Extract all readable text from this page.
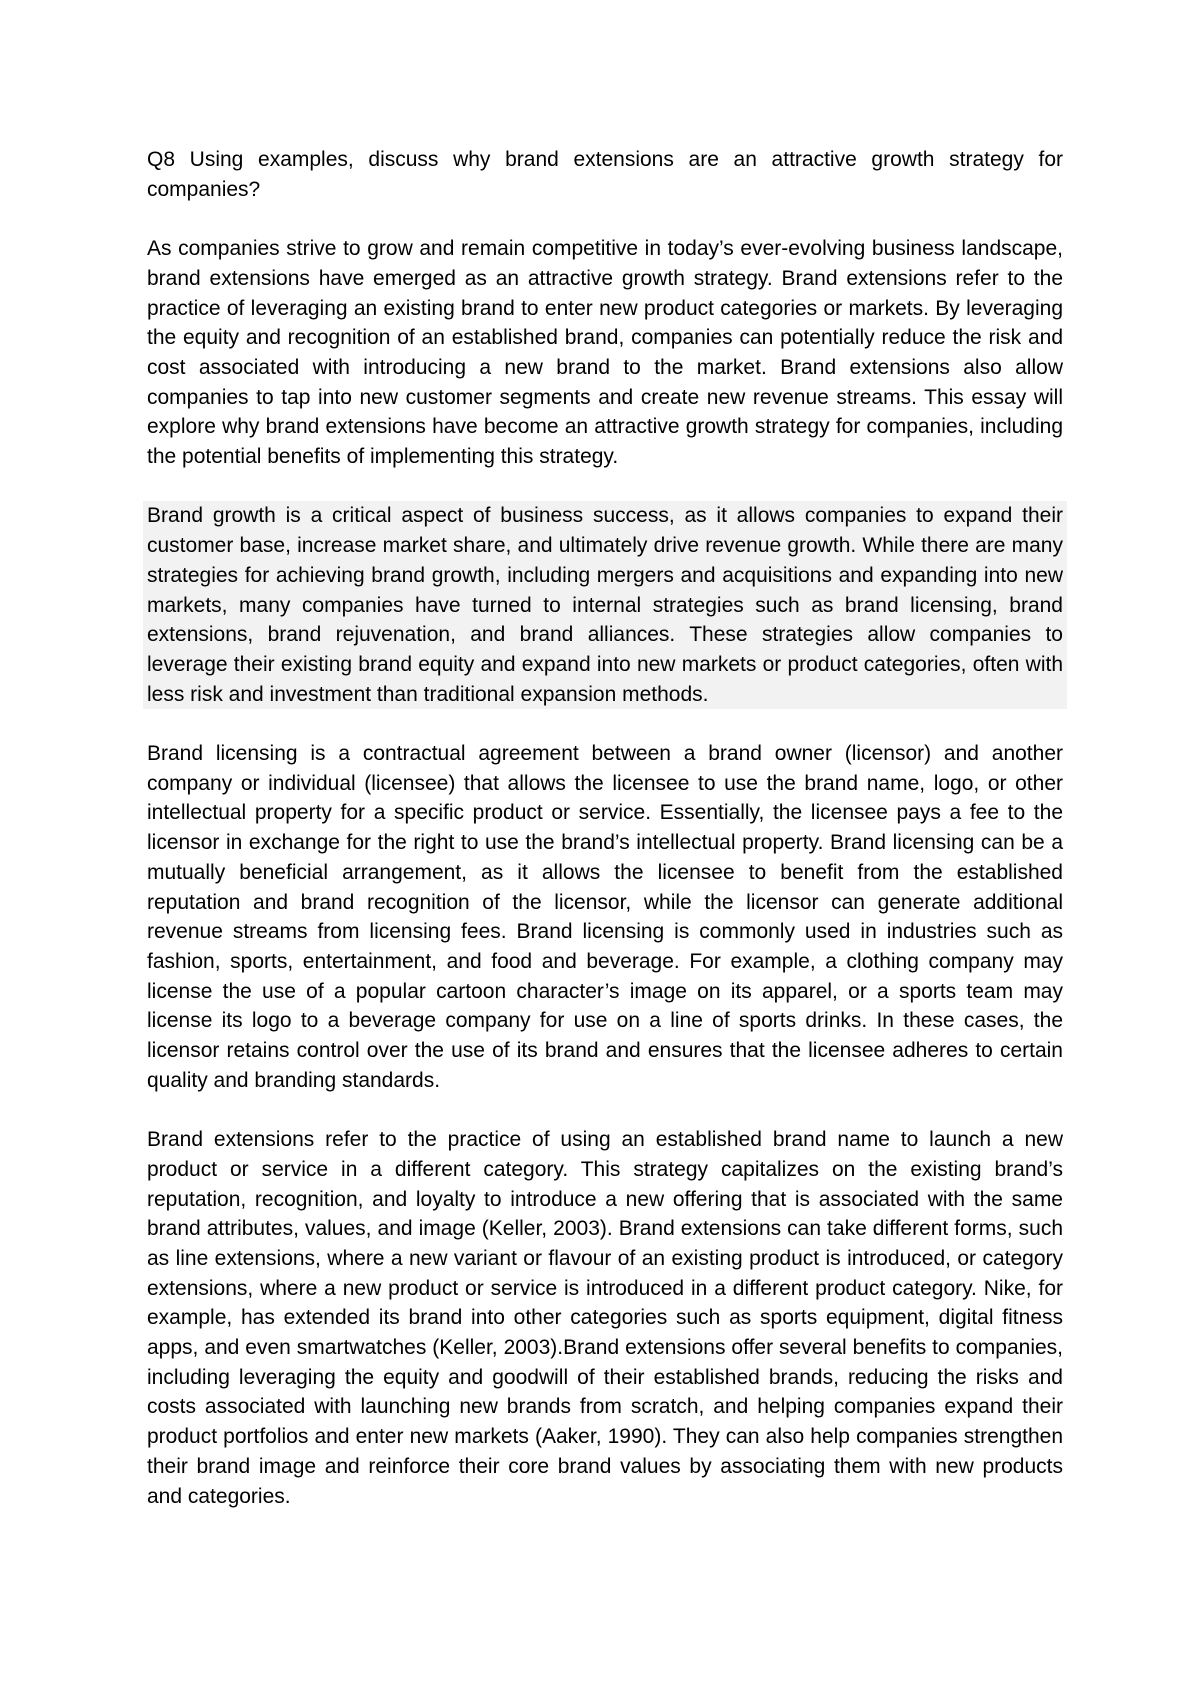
Q8 Using examples, discuss why brand extensions are an attractive growth strategy for companies?

As companies strive to grow and remain competitive in today’s ever-evolving business landscape, brand extensions have emerged as an attractive growth strategy. Brand extensions refer to the practice of leveraging an existing brand to enter new product categories or markets. By leveraging the equity and recognition of an established brand, companies can potentially reduce the risk and cost associated with introducing a new brand to the market. Brand extensions also allow companies to tap into new customer segments and create new revenue streams. This essay will explore why brand extensions have become an attractive growth strategy for companies, including the potential benefits of implementing this strategy.

Brand growth is a critical aspect of business success, as it allows companies to expand their customer base, increase market share, and ultimately drive revenue growth. While there are many strategies for achieving brand growth, including mergers and acquisitions and expanding into new markets, many companies have turned to internal strategies such as brand licensing, brand extensions, brand rejuvenation, and brand alliances. These strategies allow companies to leverage their existing brand equity and expand into new markets or product categories, often with less risk and investment than traditional expansion methods.

Brand licensing is a contractual agreement between a brand owner (licensor) and another company or individual (licensee) that allows the licensee to use the brand name, logo, or other intellectual property for a specific product or service. Essentially, the licensee pays a fee to the licensor in exchange for the right to use the brand’s intellectual property. Brand licensing can be a mutually beneficial arrangement, as it allows the licensee to benefit from the established reputation and brand recognition of the licensor, while the licensor can generate additional revenue streams from licensing fees. Brand licensing is commonly used in industries such as fashion, sports, entertainment, and food and beverage. For example, a clothing company may license the use of a popular cartoon character’s image on its apparel, or a sports team may license its logo to a beverage company for use on a line of sports drinks. In these cases, the licensor retains control over the use of its brand and ensures that the licensee adheres to certain quality and branding standards.

Brand extensions refer to the practice of using an established brand name to launch a new product or service in a different category. This strategy capitalizes on the existing brand’s reputation, recognition, and loyalty to introduce a new offering that is associated with the same brand attributes, values, and image (Keller, 2003). Brand extensions can take different forms, such as line extensions, where a new variant or flavour of an existing product is introduced, or category extensions, where a new product or service is introduced in a different product category. Nike, for example, has extended its brand into other categories such as sports equipment, digital fitness apps, and even smartwatches (Keller, 2003).Brand extensions offer several benefits to companies, including leveraging the equity and goodwill of their established brands, reducing the risks and costs associated with launching new brands from scratch, and helping companies expand their product portfolios and enter new markets (Aaker, 1990). They can also help companies strengthen their brand image and reinforce their core brand values by associating them with new products and categories.
